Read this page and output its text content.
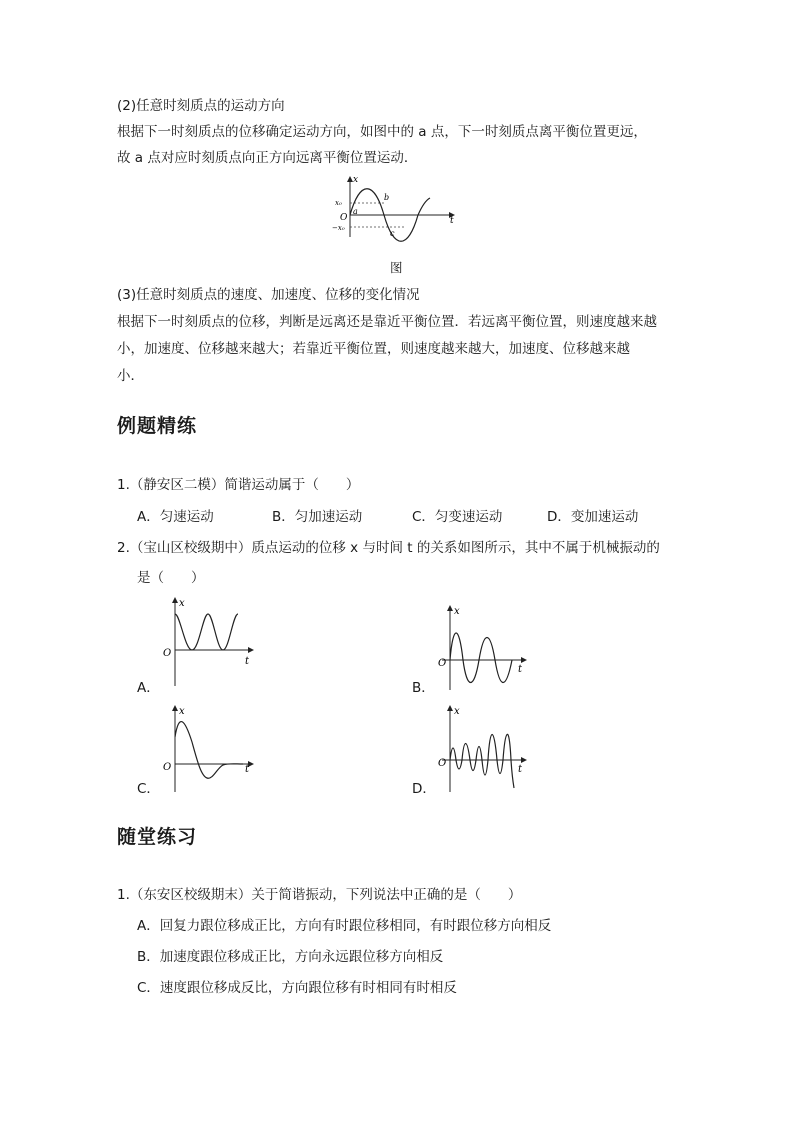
(2)任意时刻质点的运动方向
根据下一时刻质点的位移确定运动方向，如图中的 a 点，下一时刻质点离平衡位置更远，
故 a 点对应时刻质点向正方向远离平衡位置运动．
x
t
O
x₀
−x₀
a
b
c
图
(3)任意时刻质点的速度、加速度、位移的变化情况
根据下一时刻质点的位移，判断是远离还是靠近平衡位置．若远离平衡位置，则速度越来越
小，加速度、位移越来越大；若靠近平衡位置，则速度越来越大，加速度、位移越来越
小．
例题精练
1.（静安区二模）简谐运动属于（　　）
A．匀速运动	B．匀加速运动	C．匀变速运动	D．变加速运动
2.（宝山区校级期中）质点运动的位移 x 与时间 t 的关系如图所示，其中不属于机械振动的
是（　　）
x
t
O
A．
x
t
O
B．
x
t
O
C．
x
t
O
D．
随堂练习
1.（东安区校级期末）关于简谐振动，下列说法中正确的是（　　）
A．回复力跟位移成正比，方向有时跟位移相同，有时跟位移方向相反
B．加速度跟位移成正比，方向永远跟位移方向相反
C．速度跟位移成反比，方向跟位移有时相同有时相反
